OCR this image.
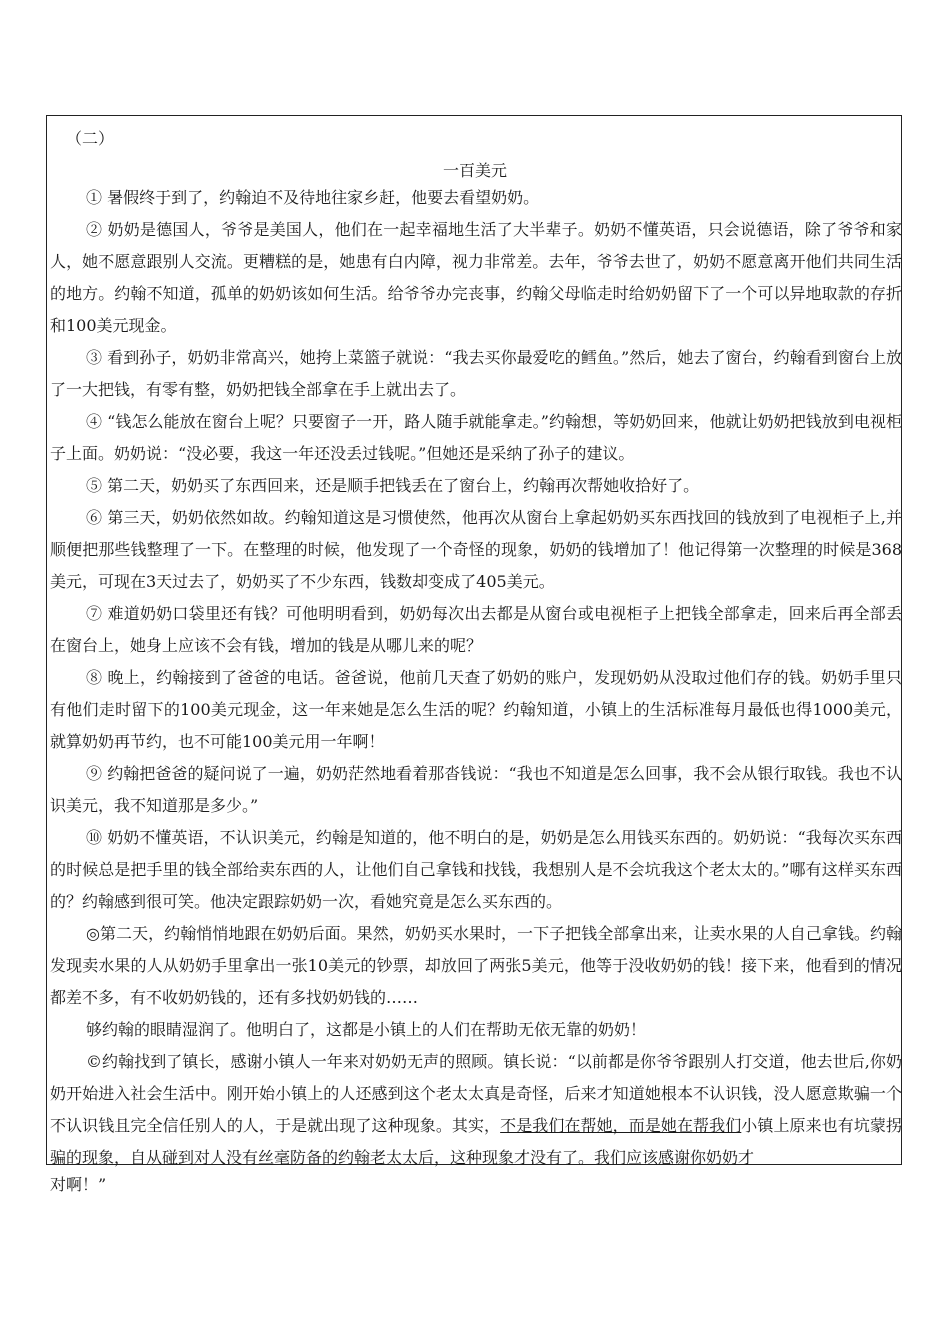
（二）
一百美元

① 暑假终于到了，约翰迫不及待地往家乡赶，他要去看望奶奶。

② 奶奶是德国人，爷爷是美国人，他们在一起幸福地生活了大半辈子。奶奶不懂英语，只会说德语，除了爷爷和家人，她不愿意跟别人交流。更糟糕的是，她患有白内障，视力非常差。去年，爷爷去世了，奶奶不愿意离开他们共同生活的地方。约翰不知道，孤单的奶奶该如何生活。给爷爷办完丧事，约翰父母临走时给奶奶留下了一个可以异地取款的存折和100美元现金。

③ 看到孙子，奶奶非常高兴，她挎上菜篮子就说：“我去买你最爱吃的鳕鱼。”然后，她去了窗台，约翰看到窗台上放了一大把钱，有零有整，奶奶把钱全部拿在手上就出去了。

④ “钱怎么能放在窗台上呢？只要窗子一开，路人随手就能拿走。”约翰想，等奶奶回来，他就让奶奶把钱放到电视柜子上面。奶奶说：“没必要，我这一年还没丢过钱呢。”但她还是采纳了孙子的建议。

⑤ 第二天，奶奶买了东西回来，还是顺手把钱丢在了窗台上，约翰再次帮她收拾好了。

⑥ 第三天，奶奶依然如故。约翰知道这是习惯使然，他再次从窗台上拿起奶奶买东西找回的钱放到了电视柜子上,并顺便把那些钱整理了一下。在整理的时候，他发现了一个奇怪的现象，奶奶的钱增加了！他记得第一次整理的时候是368美元，可现在3天过去了，奶奶买了不少东西，钱数却变成了405美元。

⑦ 难道奶奶口袋里还有钱？可他明明看到，奶奶每次出去都是从窗台或电视柜子上把钱全部拿走，回来后再全部丢在窗台上，她身上应该不会有钱，增加的钱是从哪儿来的呢？

⑧ 晚上，约翰接到了爸爸的电话。爸爸说，他前几天查了奶奶的账户，发现奶奶从没取过他们存的钱。奶奶手里只有他们走时留下的100美元现金，这一年来她是怎么生活的呢？约翰知道，小镇上的生活标准每月最低也得1000美元，就算奶奶再节约，也不可能100美元用一年啊！

⑨ 约翰把爸爸的疑问说了一遍，奶奶茫然地看着那沓钱说：“我也不知道是怎么回事，我不会从银行取钱。我也不认识美元，我不知道那是多少。”

⑩ 奶奶不懂英语，不认识美元，约翰是知道的，他不明白的是，奶奶是怎么用钱买东西的。奶奶说：“我每次买东西的时候总是把手里的钱全部给卖东西的人，让他们自己拿钱和找钱，我想别人是不会坑我这个老太太的。”哪有这样买东西的？约翰感到很可笑。他决定跟踪奶奶一次，看她究竟是怎么买东西的。

◎第二天，约翰悄悄地跟在奶奶后面。果然，奶奶买水果时，一下子把钱全部拿出来，让卖水果的人自己拿钱。约翰发现卖水果的人从奶奶手里拿出一张10美元的钞票，却放回了两张5美元，他等于没收奶奶的钱！接下来，他看到的情况都差不多，有不收奶奶钱的，还有多找奶奶钱的……

够约翰的眼睛湿润了。他明白了，这都是小镇上的人们在帮助无依无靠的奶奶！

©约翰找到了镇长，感谢小镇人一年来对奶奶无声的照顾。镇长说：“以前都是你爷爷跟别人打交道，他去世后,你奶奶开始进入社会生活中。刚开始小镇上的人还感到这个老太太真是奇怪，后来才知道她根本不认识钱，没人愿意欺骗一个不认识钱且完全信任别人的人，于是就出现了这种现象。其实，不是我们在帮她，而是她在帮我们小镇上原来也有坑蒙拐骗的现象，自从碰到对人没有丝毫防备的约翰老太太后，这种现象才没有了。我们应该感谢你奶奶才

对啊！”
